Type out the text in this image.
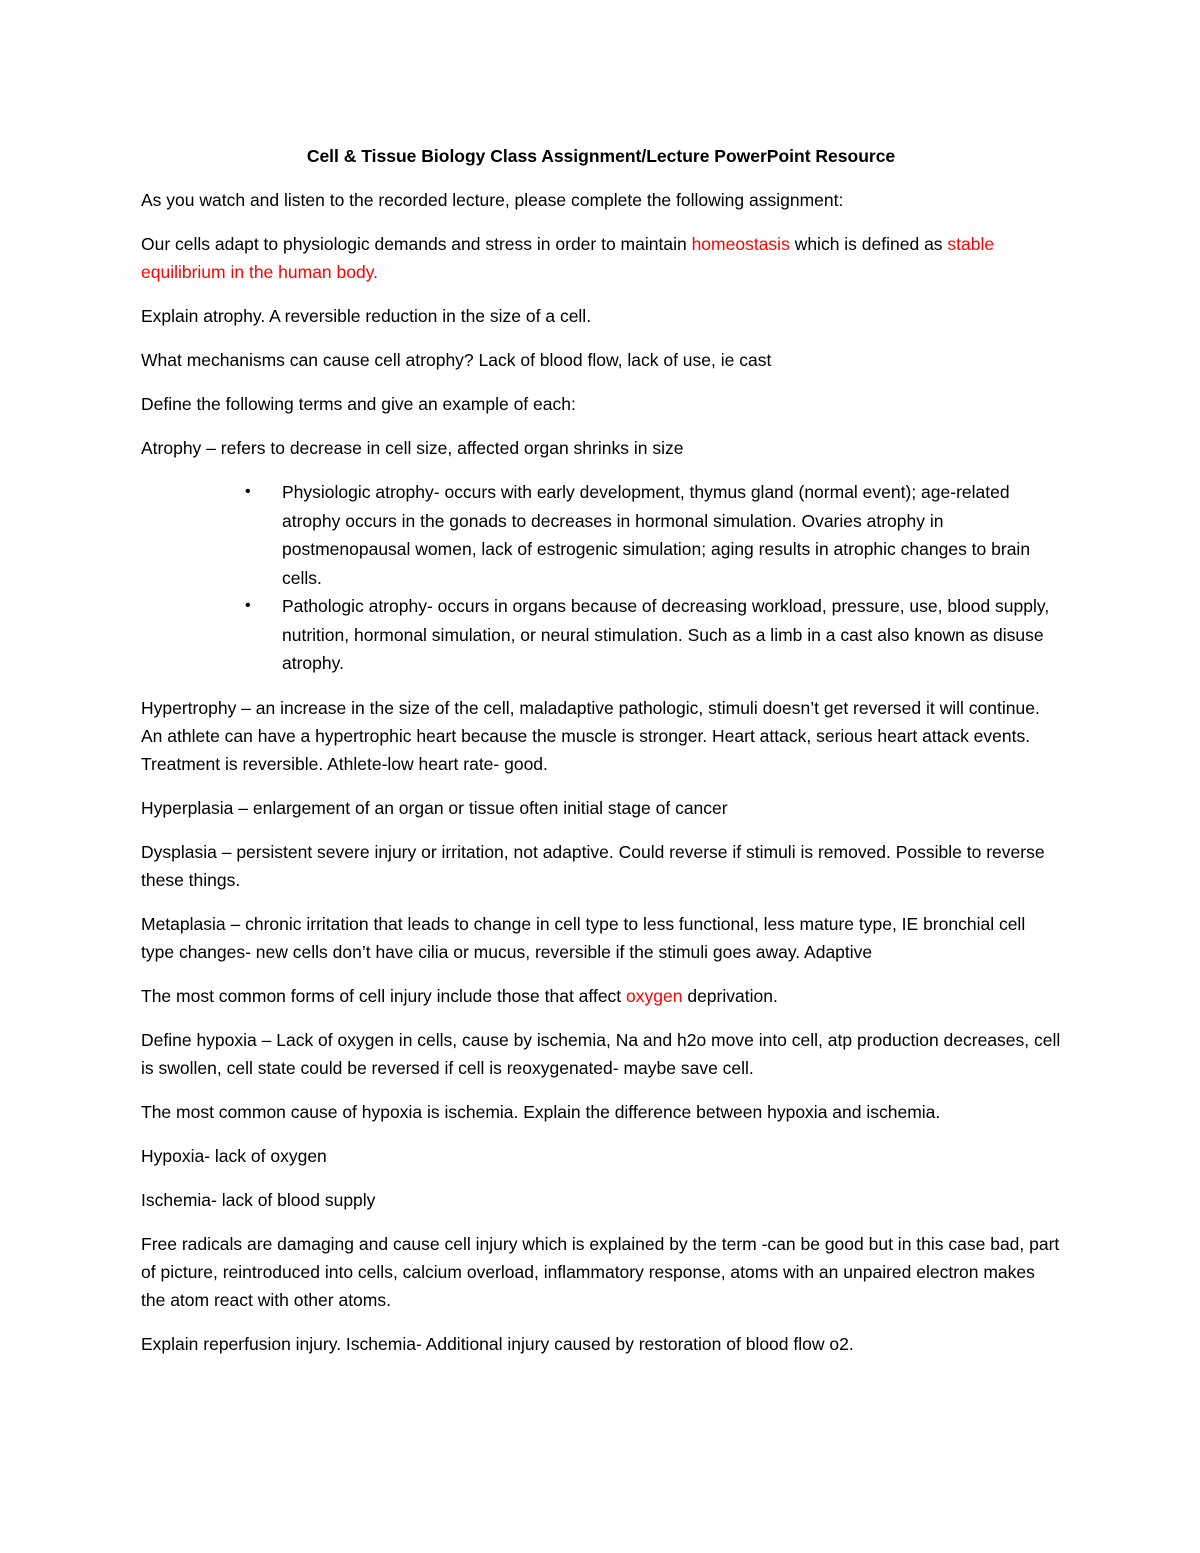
Cell & Tissue Biology Class Assignment/Lecture PowerPoint Resource

As you watch and listen to the recorded lecture, please complete the following assignment:

Our cells adapt to physiologic demands and stress in order to maintain homeostasis which is defined as stable equilibrium in the human body.

Explain atrophy. A reversible reduction in the size of a cell.

What mechanisms can cause cell atrophy? Lack of blood flow, lack of use, ie cast

Define the following terms and give an example of each:

Atrophy – refers to decrease in cell size, affected organ shrinks in size

• Physiologic atrophy- occurs with early development, thymus gland (normal event); age-related atrophy occurs in the gonads to decreases in hormonal simulation. Ovaries atrophy in postmenopausal women, lack of estrogenic simulation; aging results in atrophic changes to brain cells.
• Pathologic atrophy- occurs in organs because of decreasing workload, pressure, use, blood supply, nutrition, hormonal simulation, or neural stimulation. Such as a limb in a cast also known as disuse atrophy.

Hypertrophy – an increase in the size of the cell, maladaptive pathologic, stimuli doesn’t get reversed it will continue. An athlete can have a hypertrophic heart because the muscle is stronger. Heart attack, serious heart attack events. Treatment is reversible. Athlete-low heart rate- good.

Hyperplasia – enlargement of an organ or tissue often initial stage of cancer

Dysplasia – persistent severe injury or irritation, not adaptive. Could reverse if stimuli is removed. Possible to reverse these things.

Metaplasia – chronic irritation that leads to change in cell type to less functional, less mature type, IE bronchial cell type changes- new cells don’t have cilia or mucus, reversible if the stimuli goes away. Adaptive

The most common forms of cell injury include those that affect oxygen deprivation.

Define hypoxia – Lack of oxygen in cells, cause by ischemia, Na and h2o move into cell, atp production decreases, cell is swollen, cell state could be reversed if cell is reoxygenated- maybe save cell.

The most common cause of hypoxia is ischemia. Explain the difference between hypoxia and ischemia.

Hypoxia- lack of oxygen

Ischemia- lack of blood supply

Free radicals are damaging and cause cell injury which is explained by the term -can be good but in this case bad, part of picture, reintroduced into cells, calcium overload, inflammatory response, atoms with an unpaired electron makes the atom react with other atoms.

Explain reperfusion injury. Ischemia- Additional injury caused by restoration of blood flow o2.
